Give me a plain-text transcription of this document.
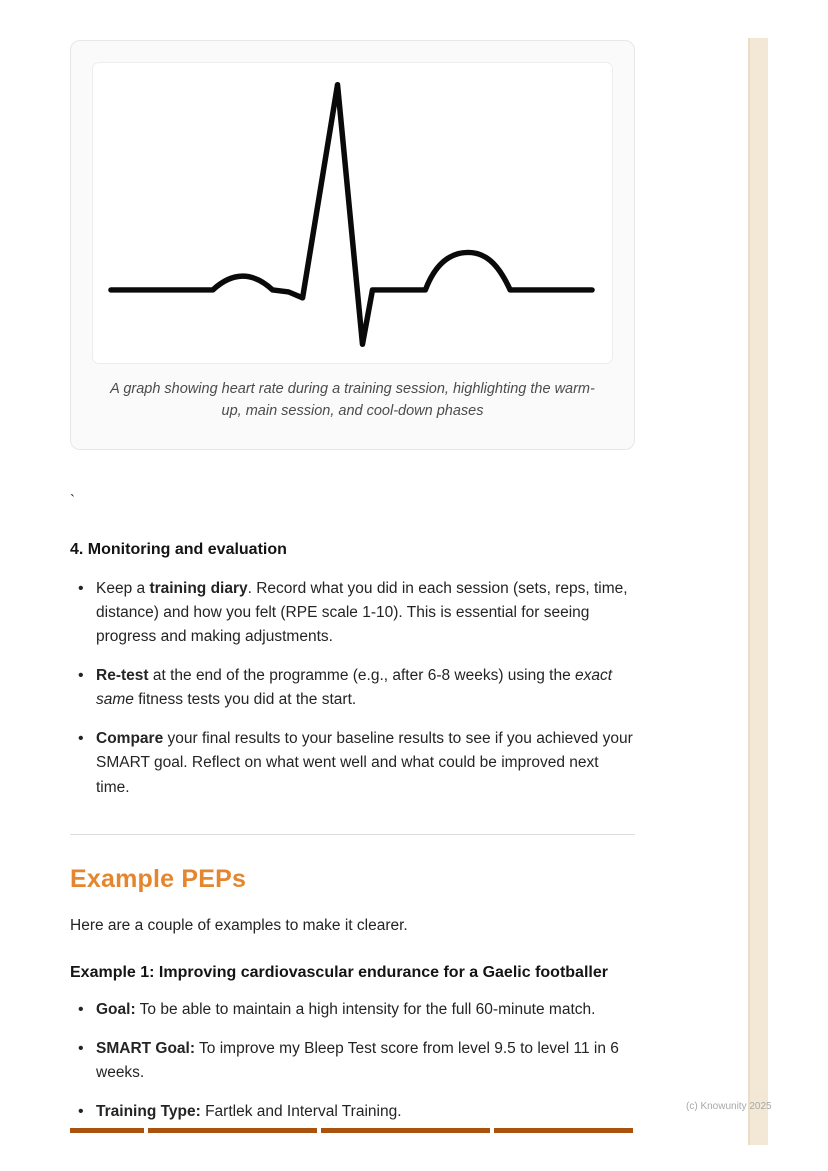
A graph showing heart rate during a training session, highlighting the warm-up, main session, and cool-down phases
`
4. Monitoring and evaluation
• Keep a training diary. Record what you did in each session (sets, reps, time, distance) and how you felt (RPE scale 1-10). This is essential for seeing progress and making adjustments.
• Re-test at the end of the programme (e.g., after 6-8 weeks) using the exact same fitness tests you did at the start.
• Compare your final results to your baseline results to see if you achieved your SMART goal. Reflect on what went well and what could be improved next time.
Example PEPs

Here are a couple of examples to make it clearer.

Example 1: Improving cardiovascular endurance for a Gaelic footballer
• Goal: To be able to maintain a high intensity for the full 60-minute match.
• SMART Goal: To improve my Bleep Test score from level 9.5 to level 11 in 6 weeks.
• Training Type: Fartlek and Interval Training.	(c) Knowunity 2025
